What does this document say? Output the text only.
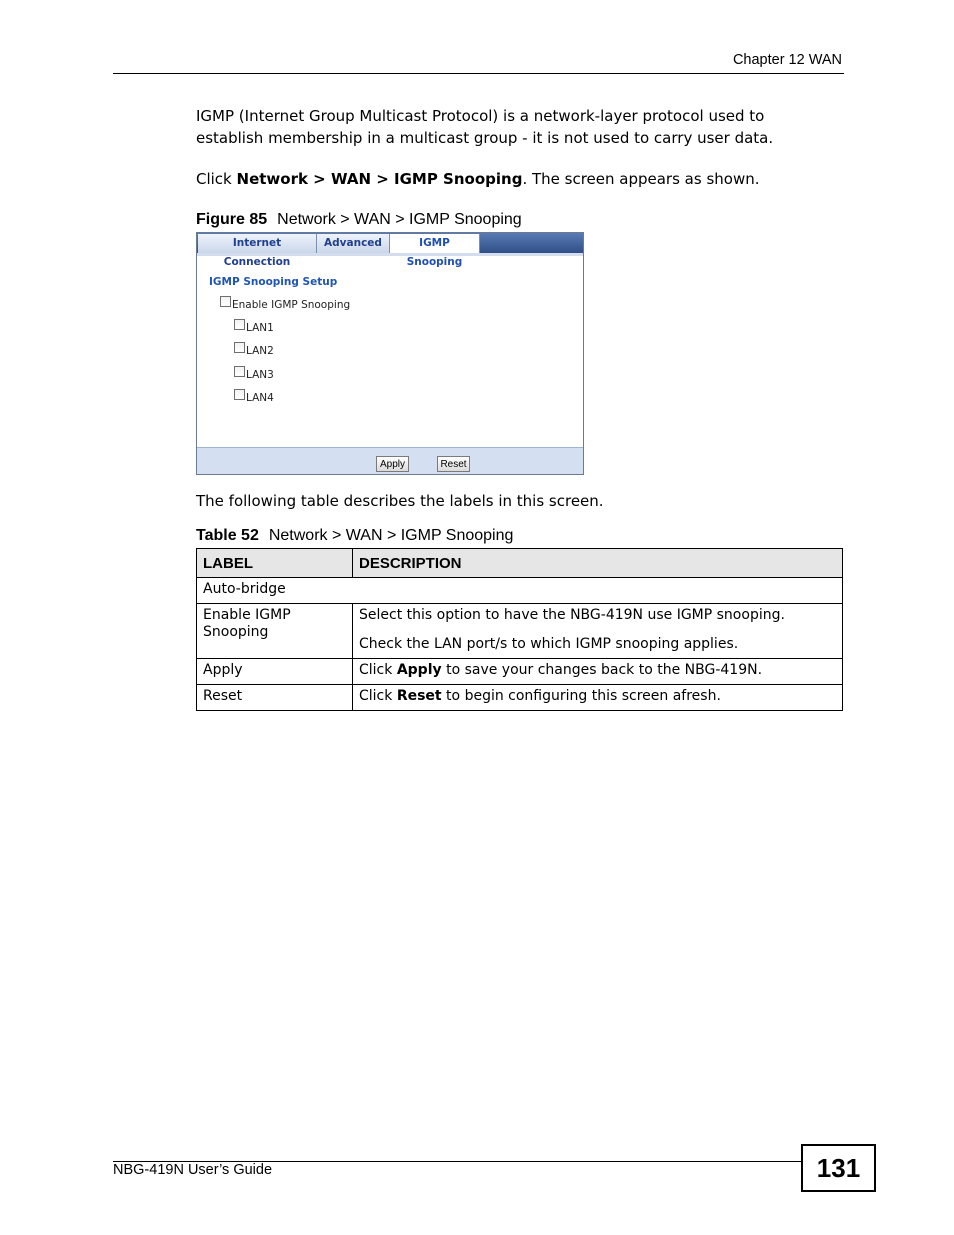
Chapter 12 WAN
IGMP (Internet Group Multicast Protocol) is a network-layer protocol used to establish membership in a multicast group - it is not used to carry user data.
Click Network > WAN > IGMP Snooping. The screen appears as shown.
Figure 85 Network > WAN > IGMP Snooping
Internet Connection
Advanced	IGMP Snooping
IGMP Snooping Setup
Enable IGMP Snooping
LAN1
LAN2
LAN3
LAN4
Apply	Reset
The following table describes the labels in this screen.
Table 52 Network > WAN > IGMP Snooping
LABEL	DESCRIPTION
Auto-bridge	
Enable IGMP Snooping	Select this option to have the NBG-419N use IGMP snooping.

Check the LAN port/s to which IGMP snooping applies.

Apply	Click Apply to save your changes back to the NBG-419N.
Reset	Click Reset to begin configuring this screen afresh.
NBG-419N User’s Guide	131
